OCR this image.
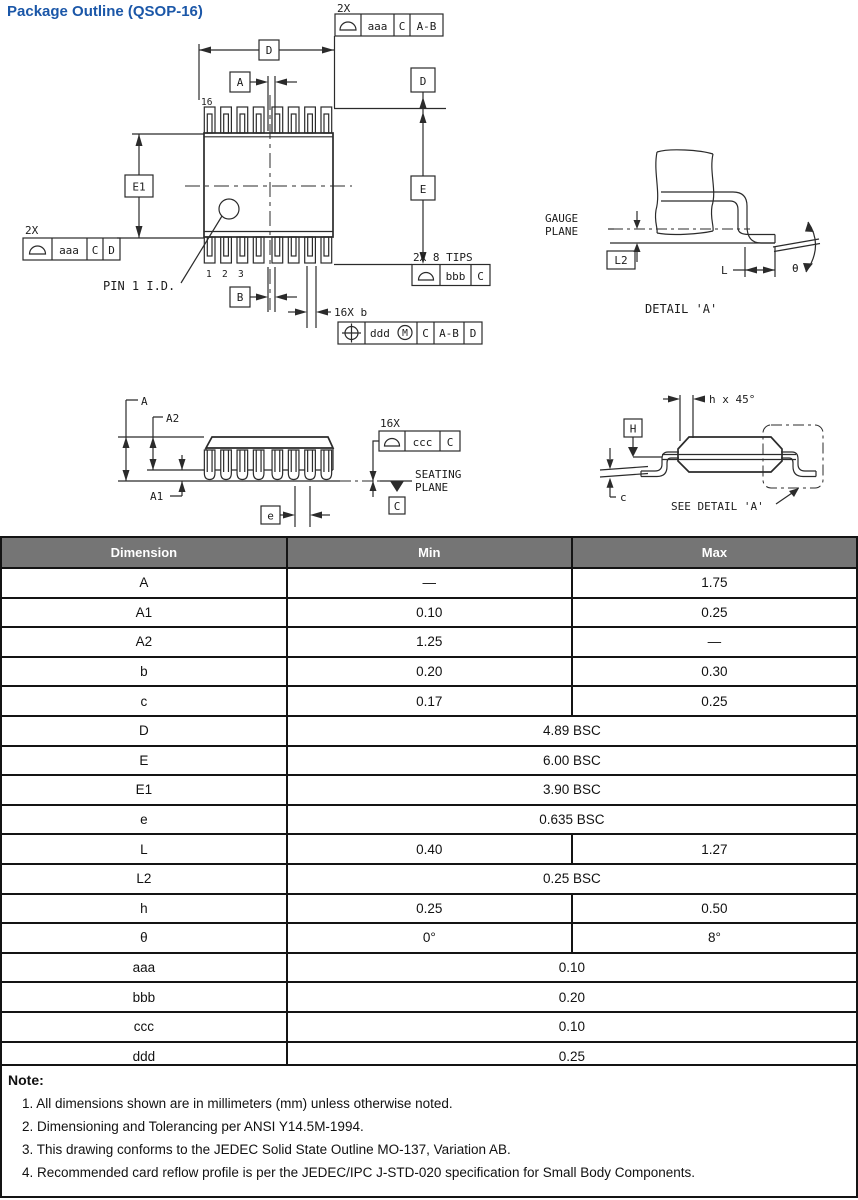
Package Outline (QSOP-16)
D
A
16
E1
2X
aaa C D
2X
aaa C A-B
PIN 1 I.D.
1 2 3
B
16X b
ddd M C A-B D
D
E
2X 8 TIPS
bbb C
GAUGE
PLANE
L2
L	θ
DETAIL 'A'
A
A2
A1
16X
ccc C
SEATING
PLANE
C
e
h x 45°
H
c
SEE DETAIL 'A'
Dimension	Min	Max
A	—	1.75
A1	0.10	0.25
A2	1.25	—
b	0.20	0.30
c	0.17	0.25
D	4.89 BSC	
E	6.00 BSC	
E1	3.90 BSC	
e	0.635 BSC	
L	0.40	1.27
L2	0.25 BSC	
h	0.25	0.50
θ	0°	8°
aaa	0.10	
bbb	0.20	
ccc	0.10	
ddd	0.25	
Note:
1. All dimensions shown are in millimeters (mm) unless otherwise noted.
2. Dimensioning and Tolerancing per ANSI Y14.5M-1994.
3. This drawing conforms to the JEDEC Solid State Outline MO-137, Variation AB.
4. Recommended card reflow profile is per the JEDEC/IPC J-STD-020 specification for Small Body Components.
